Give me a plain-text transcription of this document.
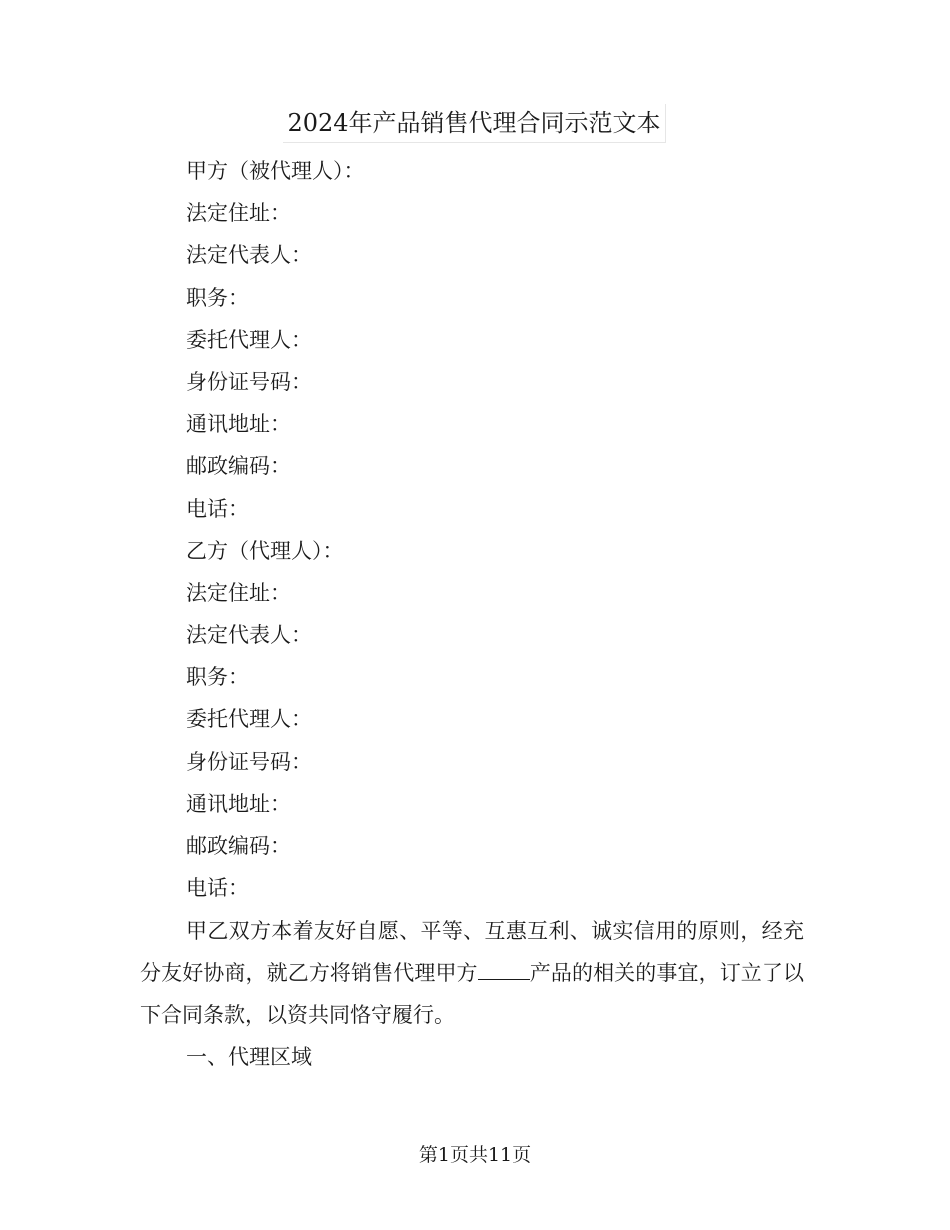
2024年产品销售代理合同示范文本
甲方（被代理人）：
法定住址：
法定代表人：
职务：
委托代理人：
身份证号码：
通讯地址：
邮政编码：
电话：
乙方（代理人）：
法定住址：
法定代表人：
职务：
委托代理人：
身份证号码：
通讯地址：
邮政编码：
电话：

甲乙双方本着友好自愿、平等、互惠互利、诚实信用的原则，经充分友好协商，就乙方将销售代理甲方 产品的相关的事宜，订立了以下合同条款，以资共同恪守履行。

一、代理区域
第1页共11页
